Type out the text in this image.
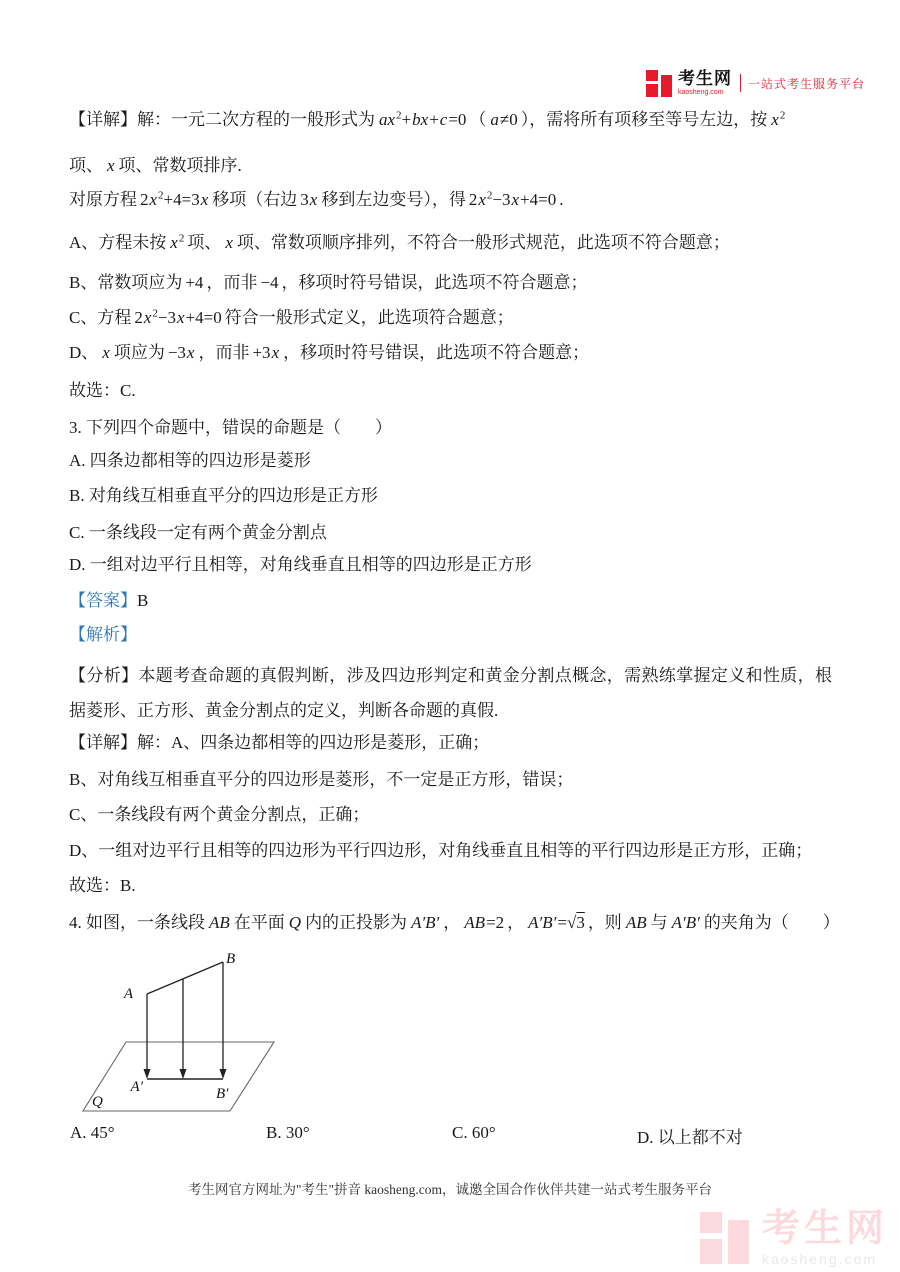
考生网
kaosheng.com
一站式考生服务平台
【详解】解：一元二次方程的一般形式为 $ax^2+bx+c=0$ （ a≠0 ），需将所有项移至等号左边，按 $x^2$
项、 x 项、常数项排序.
对原方程 $2x^2+4=3x$ 移项（右边 3x 移到左边变号），得 $2x^2-3x+4=0$ .
A、方程未按 $x^2$ 项、 x 项、常数项顺序排列，不符合一般形式规范，此选项不符合题意；
B、常数项应为 +4 ，而非 −4 ，移项时符号错误，此选项不符合题意；
C、方程 $2x^2-3x+4=0$ 符合一般形式定义，此选项符合题意；
D、 x 项应为 −3x ，而非 +3x ，移项时符号错误，此选项不符合题意；
故选：C.
3. 下列四个命题中，错误的命题是（　　）
A. 四条边都相等的四边形是菱形
B. 对角线互相垂直平分的四边形是正方形
C. 一条线段一定有两个黄金分割点
D. 一组对边平行且相等，对角线垂直且相等的四边形是正方形
【答案】B
【解析】
【分析】本题考查命题的真假判断，涉及四边形判定和黄金分割点概念，需熟练掌握定义和性质，根据菱形、正方形、黄金分割点的定义，判断各命题的真假.
【详解】解：A、四条边都相等的四边形是菱形，正确；
B、对角线互相垂直平分的四边形是菱形，不一定是正方形，错误；
C、一条线段有两个黄金分割点，正确；
D、一组对边平行且相等的四边形为平行四边形，对角线垂直且相等的平行四边形是正方形，正确；
故选：B.
4. 如图，一条线段 AB 在平面 Q 内的正投影为 A′B′ ， AB=2 ， A′B′=√3 ，则 AB 与 A′B′ 的夹角为（　　）
A
B
A′	B′
Q
A. 45°	B. 30°	C. 60°	D. 以上都不对
考生网官方网址为"考生"拼音 kaosheng.com，诚邀全国合作伙伴共建一站式考生服务平台
考生网
kaosheng.com
